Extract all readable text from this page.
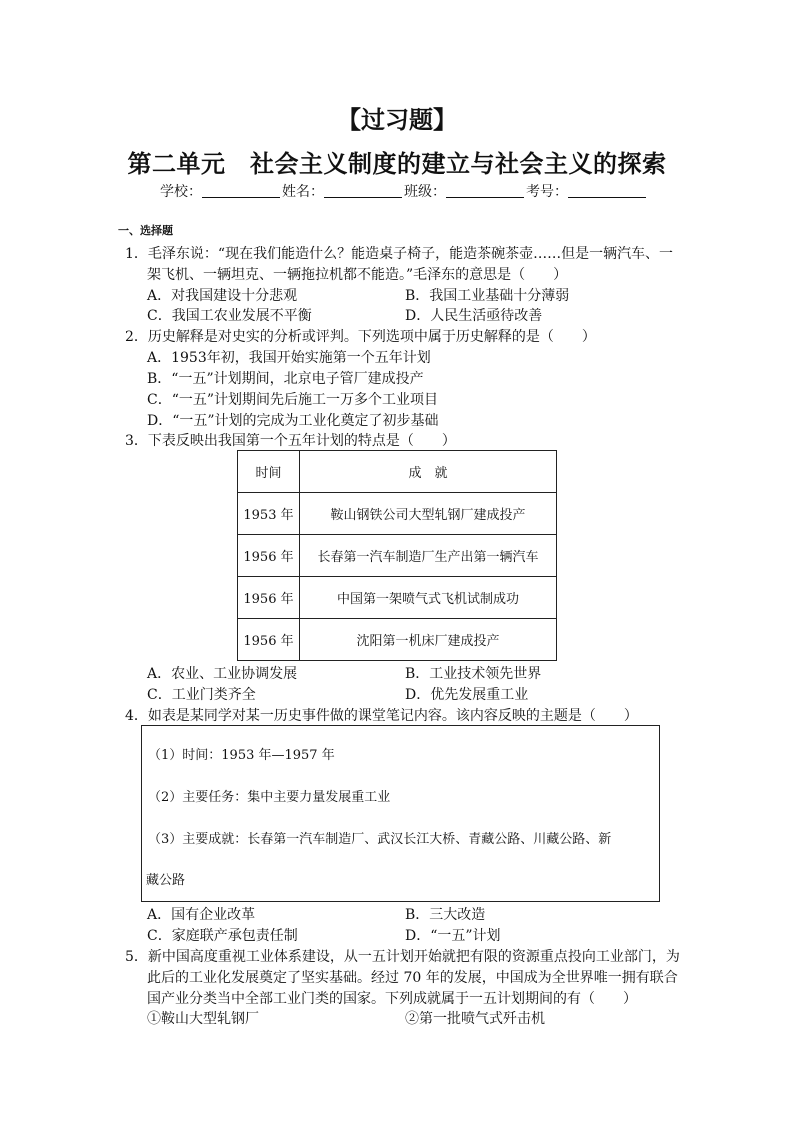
【过习题】
第二单元　社会主义制度的建立与社会主义的探索
学校：	姓名：	班级：	考号：
一、选择题
1．毛泽东说：“现在我们能造什么？能造桌子椅子，能造茶碗茶壶……但是一辆汽车、一
架飞机、一辆坦克、一辆拖拉机都不能造。”毛泽东的意思是（　　）
A．对我国建设十分悲观	B．我国工业基础十分薄弱
C．我国工农业发展不平衡	D．人民生活亟待改善
2．历史解释是对史实的分析或评判。下列选项中属于历史解释的是（　　）
A．1953年初，我国开始实施第一个五年计划
B．“一五”计划期间，北京电子管厂建成投产
C．“一五”计划期间先后施工一万多个工业项目
D．“一五”计划的完成为工业化奠定了初步基础
3．下表反映出我国第一个五年计划的特点是（　　）
时间	成　就
1953 年	鞍山钢铁公司大型轧钢厂建成投产
1956 年	长春第一汽车制造厂生产出第一辆汽车
1956 年	中国第一架喷气式飞机试制成功
1956 年	沈阳第一机床厂建成投产
A．农业、工业协调发展	B．工业技术领先世界
C．工业门类齐全	D．优先发展重工业
4．如表是某同学对某一历史事件做的课堂笔记内容。该内容反映的主题是（　　）
（1）时间：1953 年—1957 年
（2）主要任务：集中主要力量发展重工业
（3）主要成就：长春第一汽车制造厂、武汉长江大桥、青藏公路、川藏公路、新
藏公路
A．国有企业改革	B．三大改造
C．家庭联产承包责任制	D．“一五”计划
5．新中国高度重视工业体系建设，从一五计划开始就把有限的资源重点投向工业部门，为
此后的工业化发展奠定了坚实基础。经过 70 年的发展，中国成为全世界唯一拥有联合
国产业分类当中全部工业门类的国家。下列成就属于一五计划期间的有（　　）
①鞍山大型轧钢厂	②第一批喷气式歼击机
